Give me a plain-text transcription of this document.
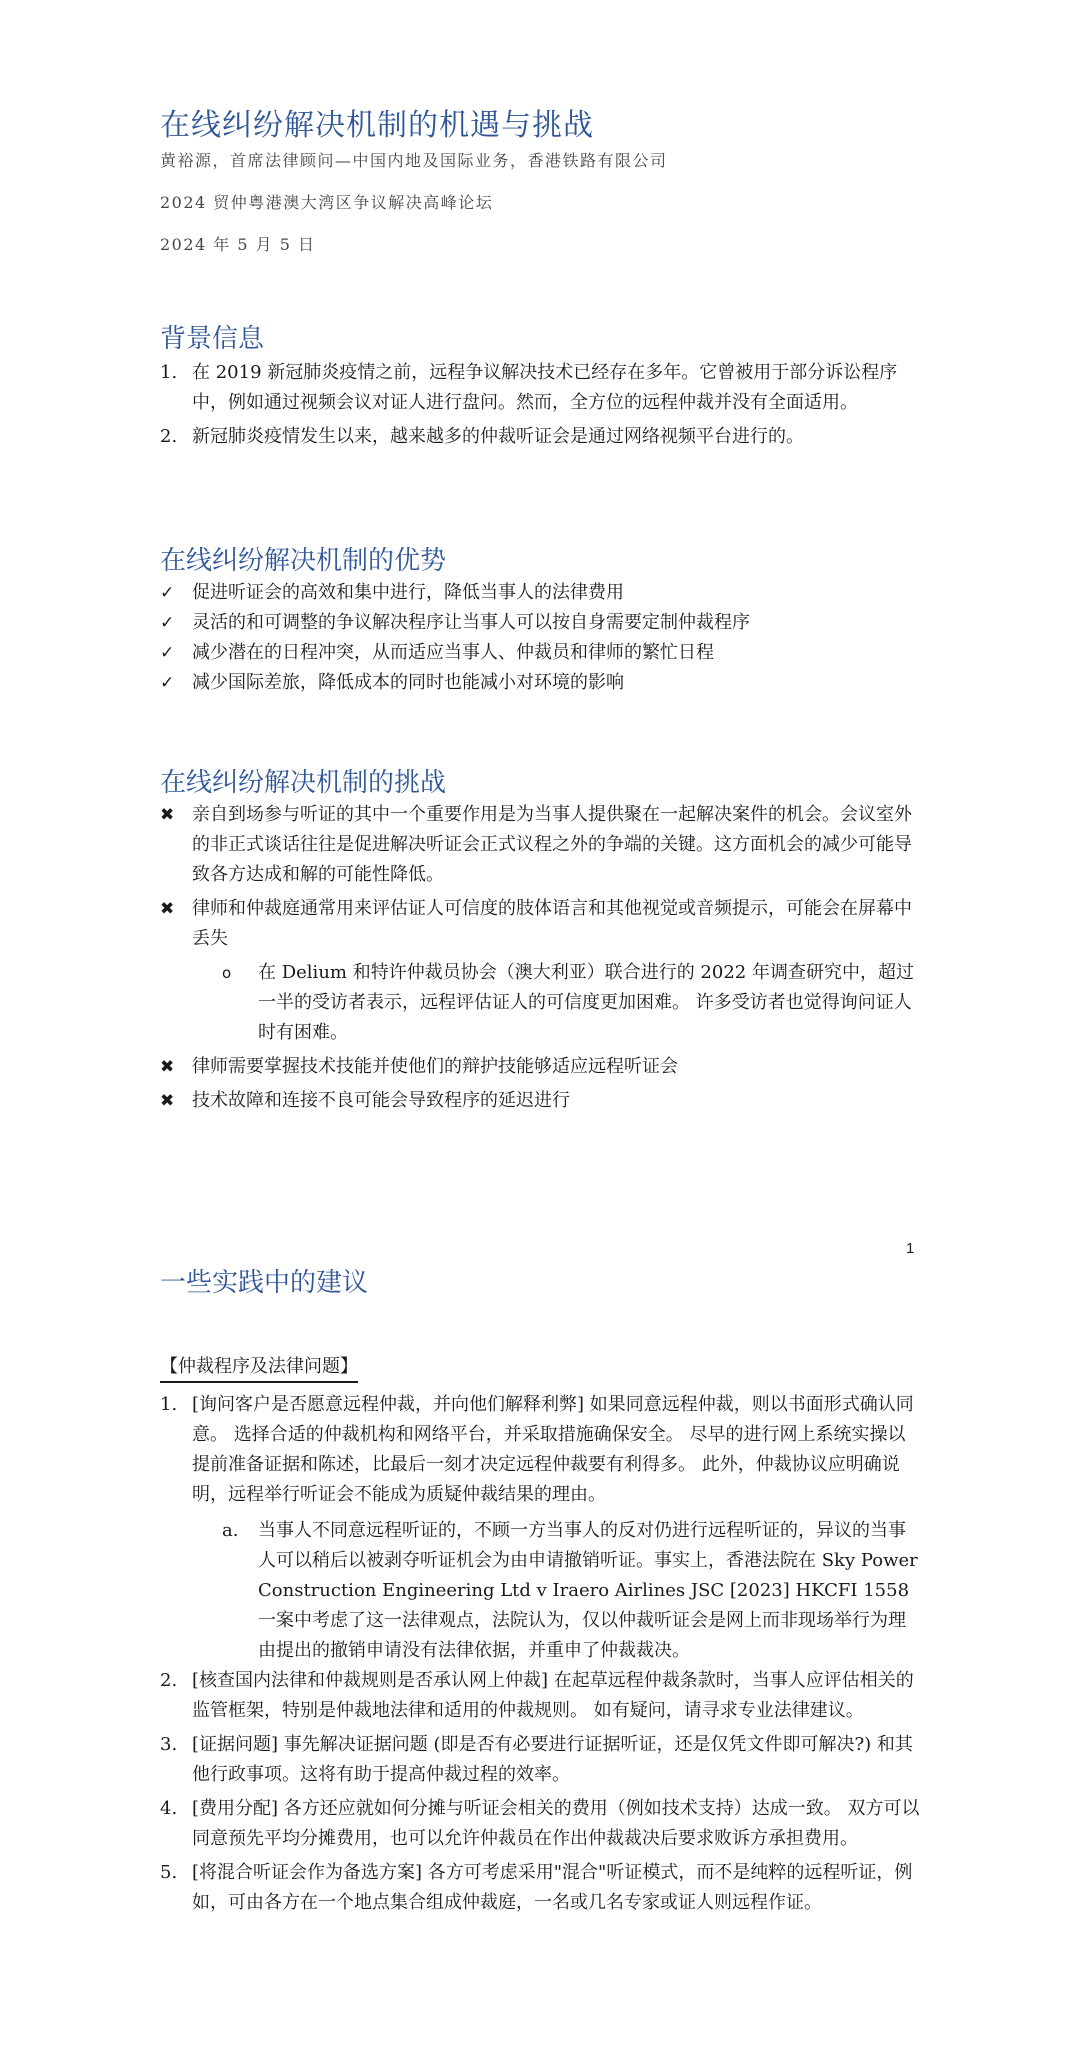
在线纠纷解决机制的机遇与挑战
黄裕源，首席法律顾问—中国内地及国际业务，香港铁路有限公司
2024 贸仲粤港澳大湾区争议解决高峰论坛
2024 年 5 月 5 日
背景信息
1. 在 2019 新冠肺炎疫情之前，远程争议解决技术已经存在多年。它曾被用于部分诉讼程序中，例如通过视频会议对证人进行盘问。然而，全方位的远程仲裁并没有全面适用。
2. 新冠肺炎疫情发生以来，越来越多的仲裁听证会是通过网络视频平台进行的。
在线纠纷解决机制的优势
✓ 促进听证会的高效和集中进行，降低当事人的法律费用
✓ 灵活的和可调整的争议解决程序让当事人可以按自身需要定制仲裁程序
✓ 减少潜在的日程冲突，从而适应当事人、仲裁员和律师的繁忙日程
✓ 减少国际差旅，降低成本的同时也能减小对环境的影响
在线纠纷解决机制的挑战
✖ 亲自到场参与听证的其中一个重要作用是为当事人提供聚在一起解决案件的机会。会议室外的非正式谈话往往是促进解决听证会正式议程之外的争端的关键。这方面机会的减少可能导致各方达成和解的可能性降低。
✖ 律师和仲裁庭通常用来评估证人可信度的肢体语言和其他视觉或音频提示，可能会在屏幕中丢失
o 在 Delium 和特许仲裁员协会（澳大利亚）联合进行的 2022 年调查研究中，超过一半的受访者表示，远程评估证人的可信度更加困难。 许多受访者也觉得询问证人时有困难。
✖ 律师需要掌握技术技能并使他们的辩护技能够适应远程听证会
✖ 技术故障和连接不良可能会导致程序的延迟进行
1
一些实践中的建议
【仲裁程序及法律问题】
1. [询问客户是否愿意远程仲裁，并向他们解释利弊] 如果同意远程仲裁，则以书面形式确认同意。 选择合适的仲裁机构和网络平台，并采取措施确保安全。 尽早的进行网上系统实操以提前准备证据和陈述，比最后一刻才决定远程仲裁要有利得多。 此外，仲裁协议应明确说明，远程举行听证会不能成为质疑仲裁结果的理由。
a. 当事人不同意远程听证的，不顾一方当事人的反对仍进行远程听证的，异议的当事人可以稍后以被剥夺听证机会为由申请撤销听证。事实上，香港法院在 Sky Power Construction Engineering Ltd v Iraero Airlines JSC [2023] HKCFI 1558 一案中考虑了这一法律观点，法院认为，仅以仲裁听证会是网上而非现场举行为理由提出的撤销申请没有法律依据，并重申了仲裁裁决。
2. [核查国内法律和仲裁规则是否承认网上仲裁] 在起草远程仲裁条款时，当事人应评估相关的监管框架，特别是仲裁地法律和适用的仲裁规则。 如有疑问，请寻求专业法律建议。
3. [证据问题] 事先解决证据问题 (即是否有必要进行证据听证，还是仅凭文件即可解决?) 和其他行政事项。这将有助于提高仲裁过程的效率。
4. [费用分配] 各方还应就如何分摊与听证会相关的费用（例如技术支持）达成一致。 双方可以同意预先平均分摊费用，也可以允许仲裁员在作出仲裁裁决后要求败诉方承担费用。
5. [将混合听证会作为备选方案] 各方可考虑采用"混合"听证模式，而不是纯粹的远程听证，例如，可由各方在一个地点集合组成仲裁庭，一名或几名专家或证人则远程作证。
